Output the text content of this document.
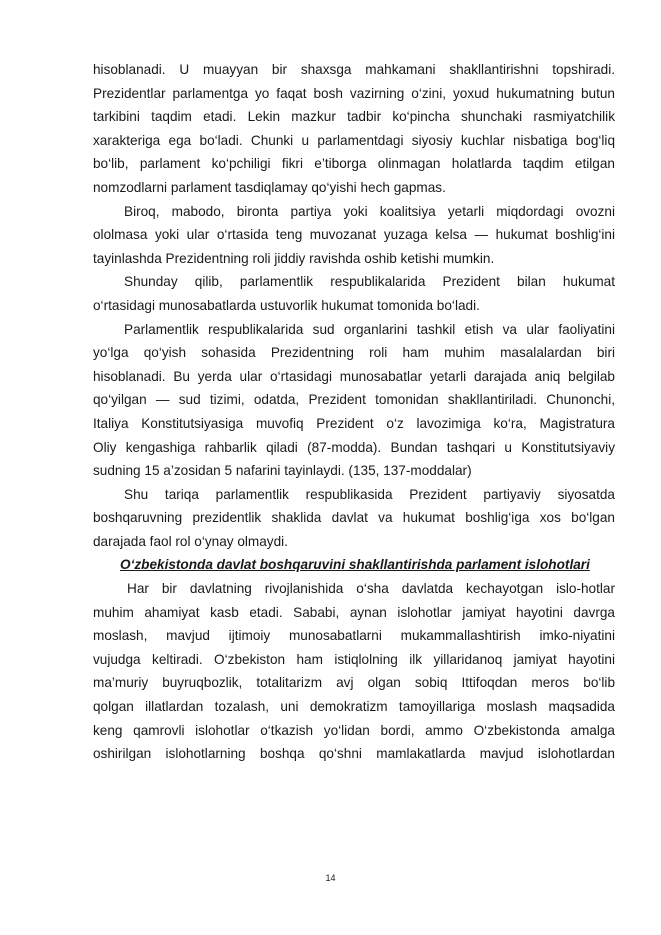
hisoblanadi. U muayyan bir shaxsga mahkamani shakllantirishni topshiradi.
Prezidentlar parlamentga yo faqat bosh vazirning o‘zini, yoxud hukumatning butun
tarkibini taqdim etadi. Lekin mazkur tadbir ko‘pincha shunchaki rasmiyatchilik
xarakteriga ega bo‘ladi. Chunki u parlamentdagi siyosiy kuchlar nisbatiga bog‘liq
bo‘lib, parlament ko‘pchiligi fikri e’tiborga olinmagan holatlarda taqdim etilgan
nomzodlarni parlament tasdiqlamay qo‘yishi hech gapmas.
Biroq, mabodo, bironta partiya yoki koalitsiya yetarli miqdordagi ovozni
ololmasa yoki ular o‘rtasida teng muvozanat yuzaga kelsa — hukumat boshlig‘ini
tayinlashda Prezidentning roli jiddiy ravishda oshib ketishi mumkin.
Shunday qilib, parlamentlik respublikalarida Prezident bilan hukumat
o‘rtasidagi munosabatlarda ustuvorlik hukumat tomonida bo‘ladi.
Parlamentlik respublikalarida sud organlarini tashkil etish va ular faoliyatini
yo‘lga qo‘yish sohasida Prezidentning roli ham muhim masalalardan biri
hisoblanadi. Bu yerda ular o‘rtasidagi munosabatlar yetarli darajada aniq belgilab
qo‘yilgan — sud tizimi, odatda, Prezident tomonidan shakllantiriladi. Chunonchi,
Italiya Konstitutsiyasiga muvofiq Prezident o‘z lavozimiga ko‘ra, Magistratura
Oliy kengashiga rahbarlik qiladi (87-modda). Bundan tashqari u Konstitutsiyaviy
sudning 15 a’zosidan 5 nafarini tayinlaydi. (135, 137-moddalar)
Shu tariqa parlamentlik respublikasida Prezident partiyaviy siyosatda
boshqaruvning prezidentlik shaklida davlat va hukumat boshlig‘iga xos bo‘lgan
darajada faol rol o‘ynay olmaydi.
O‘zbekistonda davlat boshqaruvini shakllantirishda parlament islohotlari
Har bir davlatning rivojlanishida o‘sha davlatda kechayotgan islo-hotlar
muhim ahamiyat kasb etadi. Sababi, aynan islohotlar jamiyat hayotini davrga
moslash, mavjud ijtimoiy munosabatlarni mukammallashtirish imko-niyatini
vujudga keltiradi. O‘zbekiston ham istiqlolning ilk yillaridanoq jamiyat hayotini
ma’muriy buyruqbozlik, totalitarizm avj olgan sobiq Ittifoqdan meros bo‘lib
qolgan illatlardan tozalash, uni demokratizm tamoyillariga moslash maqsadida
keng qamrovli islohotlar o‘tkazish yo‘lidan bordi, ammo O‘zbekistonda amalga
oshirilgan islohotlarning boshqa qo‘shni mamlakatlarda mavjud islohotlardan
14
